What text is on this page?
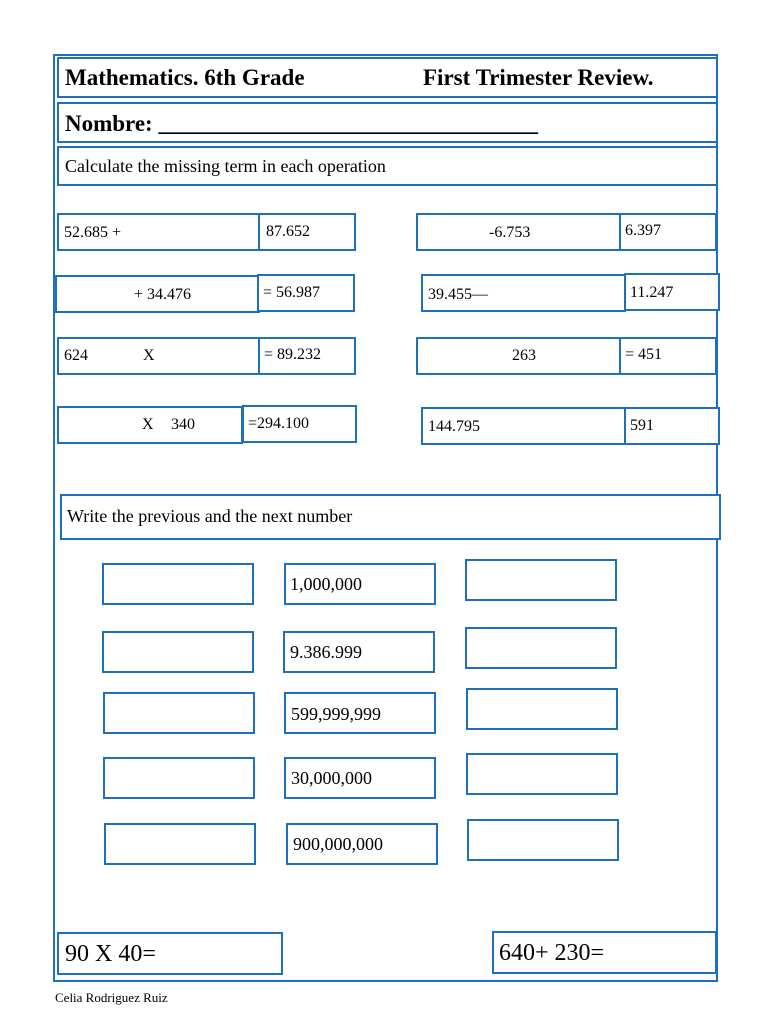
Mathematics. 6th Grade	First Trimester Review.
Nombre: _________________________________
Calculate the missing term in each operation
52.685 +	87.652
+ 34.476	= 56.987
624	X	= 89.232
X 340	=294.100
-6.753	6.397
39.455—	11.247
263	= 451
144.795	591
Write the previous and the next number
1,000,000
9.386.999
599,999,999
30,000,000
900,000,000
90 X 40=	640+ 230=
Celia Rodriguez Ruiz
